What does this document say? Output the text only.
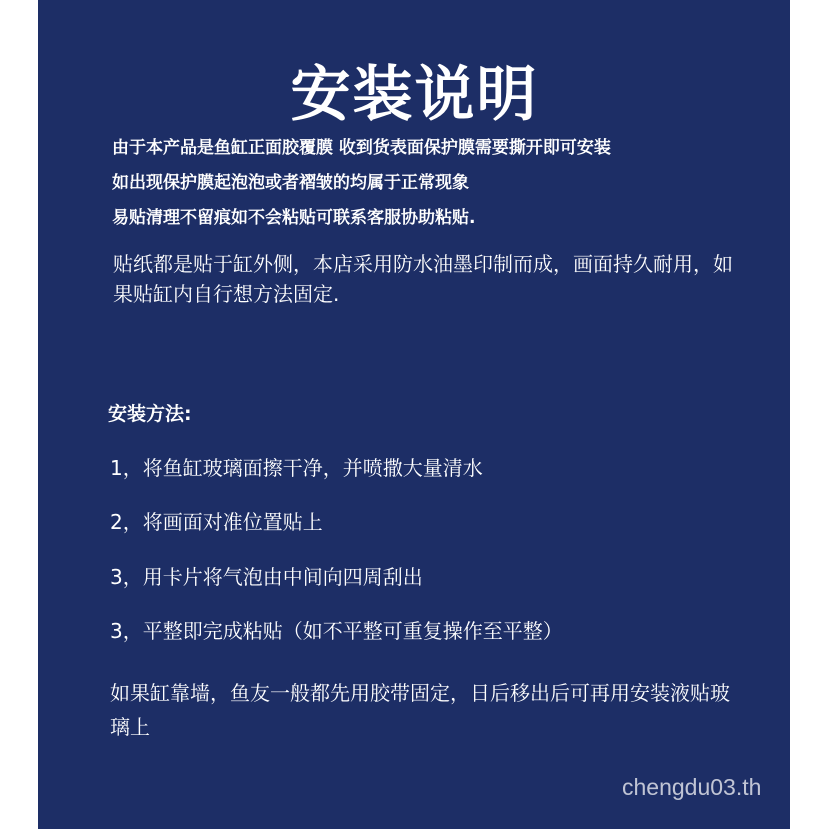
安装说明

由于本产品是鱼缸正面胶覆膜 收到货表面保护膜需要撕开即可安装

如出现保护膜起泡泡或者褶皱的均属于正常现象

易贴清理不留痕如不会粘贴可联系客服协助粘贴.

贴纸都是贴于缸外侧，本店采用防水油墨印制而成，画面持久耐用，如果贴缸内自行想方法固定.

安装方法:

1，将鱼缸玻璃面擦干净，并喷撒大量清水

2，将画面对准位置贴上

3，用卡片将气泡由中间向四周刮出

3，平整即完成粘贴（如不平整可重复操作至平整）

如果缸靠墙，鱼友一般都先用胶带固定，日后移出后可再用安装液贴玻璃上

chengdu03.th
